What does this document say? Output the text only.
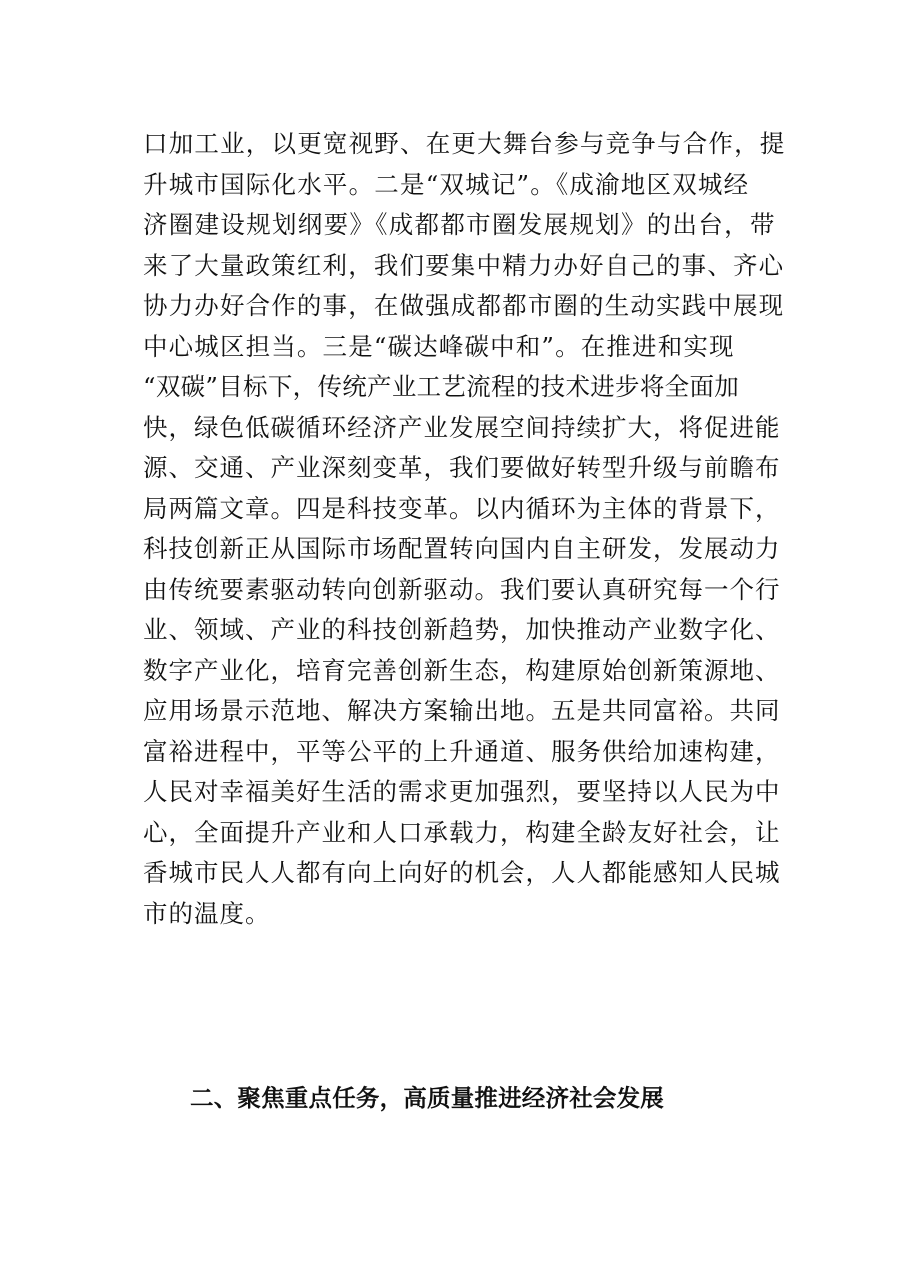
口加工业，以更宽视野、在更大舞台参与竞争与合作，提
升城市国际化水平。二是“双城记”。《成渝地区双城经
济圈建设规划纲要》《成都都市圈发展规划》的出台，带
来了大量政策红利，我们要集中精力办好自己的事、齐心
协力办好合作的事，在做强成都都市圈的生动实践中展现
中心城区担当。三是“碳达峰碳中和”。在推进和实现
“双碳”目标下，传统产业工艺流程的技术进步将全面加
快，绿色低碳循环经济产业发展空间持续扩大，将促进能
源、交通、产业深刻变革，我们要做好转型升级与前瞻布
局两篇文章。四是科技变革。以内循环为主体的背景下，
科技创新正从国际市场配置转向国内自主研发，发展动力
由传统要素驱动转向创新驱动。我们要认真研究每一个行
业、领域、产业的科技创新趋势，加快推动产业数字化、
数字产业化，培育完善创新生态，构建原始创新策源地、
应用场景示范地、解决方案输出地。五是共同富裕。共同
富裕进程中，平等公平的上升通道、服务供给加速构建，
人民对幸福美好生活的需求更加强烈，要坚持以人民为中
心，全面提升产业和人口承载力，构建全龄友好社会，让
香城市民人人都有向上向好的机会，人人都能感知人民城
市的温度。
二、聚焦重点任务，高质量推进经济社会发展
